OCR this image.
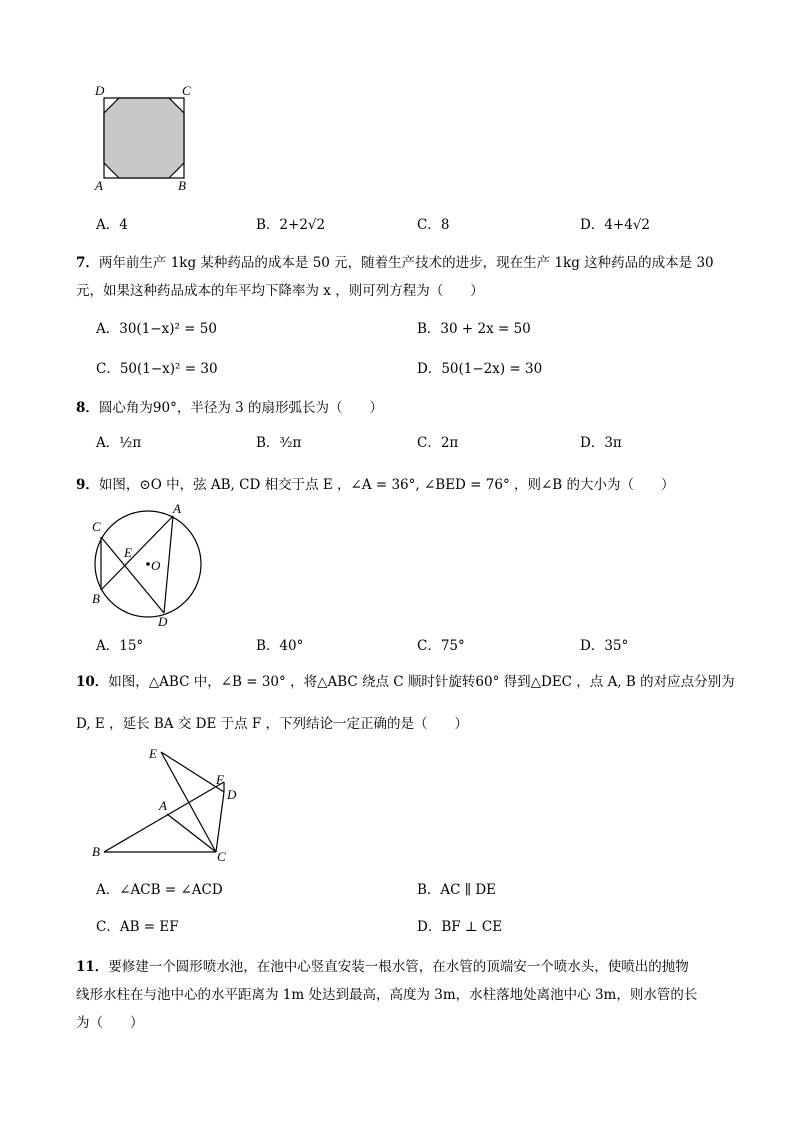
D	C
A	B
A．4	B．2+2√2	C．8	D．4+4√2
7．两年前生产 1kg 某种药品的成本是 50 元，随着生产技术的进步，现在生产 1kg 这种药品的成本是 30
元，如果这种药品成本的年平均下降率为 x ，则可列方程为（　　）
A．30(1−x)² = 50	B．30 + 2x = 50
C．50(1−x)² = 30	D．50(1−2x) = 30
8．圆心角为90°，半径为 3 的扇形弧长为（　　）
A．½π	B．³⁄₂π	C．2π	D．3π
9．如图，⊙O 中，弦 AB, CD 相交于点 E ，∠A = 36°, ∠BED = 76° ，则∠B 的大小为（　　）
C
A
E
O
B
D
A．15°	B．40°	C．75°	D．35°
10．如图，△ABC 中，∠B = 30° ，将△ABC 绕点 C 顺时针旋转60° 得到△DEC ，点 A, B 的对应点分别为
D, E ，延长 BA 交 DE 于点 F ，下列结论一定正确的是（　　）
E
F
D
A
B	C
A．∠ACB = ∠ACD	B．AC ∥ DE
C．AB = EF	D．BF ⊥ CE
11．要修建一个圆形喷水池，在池中心竖直安装一根水管，在水管的顶端安一个喷水头，使喷出的抛物
线形水柱在与池中心的水平距离为 1m 处达到最高，高度为 3m，水柱落地处离池中心 3m，则水管的长
为（　　）
